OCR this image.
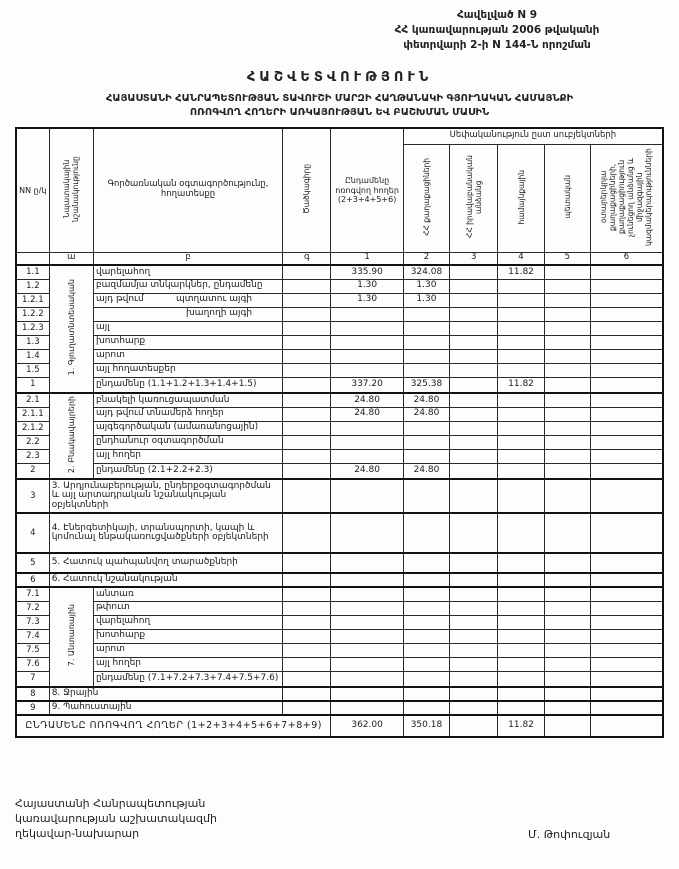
Հավելված N 9
ՀՀ կառավարության 2006 թվականի
փետրվարի 2-ի N 144-Ն որոշման
ՀԱՇՎԵՏՎՈՒԹՅՈՒՆ
ՀԱՅԱՍՏԱՆԻ ՀԱՆՐԱՊԵՏՈՒԹՅԱՆ ՏԱՎՈՒՇԻ ՄԱՐԶԻ ՀԱՂԹԱՆԱԿԻ ԳՅՈՒՂԱԿԱՆ ՀԱՄԱՅՆՔԻ
ՈՌՈԳՎՈՂ ՀՈՂԵՐԻ ԱՌԿԱՅՈՒԹՅԱՆ ԵՎ ԲԱՇԽՄԱՆ ՄԱՍԻՆ
NN ը/կ	Նպատակային նշանակությունը	Գործառնական օգտագործությունը, հողատեսքը	Ծածկագիրը	Ընդամենը ոռոգվող հողեր (2+3+4+5+6)	Սեփականություն ըստ սուբյեկտների				
					ՀՀ քաղաքացիների	ՀՀ իրավաբանական անձանց	համայնքային	պետական	օտարերկրյա քաղաքացիների, քաղաքացիություն չունեցող անձանց և միջազգային կազմակերպությունների
	ա	բ	գ	1	2	3	4	5	6
1.1	1. Գյուղատնտեսական	վարելահող		335.90	324.08		11.82		
1.2		բազմամյա տնկարկներ, ընդամենը		1.30	1.30				
1.2.1		այդ թվում պտղատու այգի		1.30	1.30				
1.2.2		խաղողի այգի							

1.2.3		այլ							
1.3		խոտհարք							
1.4		արոտ							
1.5		այլ հողատեսքեր							
1		ընդամենը (1.1+1.2+1.3+1.4+1.5)		337.20	325.38		11.82		
2.1	2. Բնակավայրերի	բնակելի կառուցապատման		24.80	24.80				
2.1.1		այդ թվում տնամերձ հողեր		24.80	24.80				
2.1.2		այգեգործական (ամառանոցային)							
2.2		ընդհանուր օգտագործման							
2.3		այլ հողեր							
2		ընդամենը (2.1+2.2+2.3)		24.80	24.80				
3	3. Արդյունաբերության, ընդերքօգտագործման և այլ արտադրական նշանակության օբյեկտների								
4	4. Էներգետիկայի, տրանսպորտի, կապի և կոմունալ ենթակառուցվածքների օբյեկտների								
5	5. Հատուկ պահպանվող տարածքների								
6	6. Հատուկ նշանակության								
7.1	7. Անտառային	անտառ							
7.2		թփուտ							
7.3		վարելահող							
7.4		խոտհարք							
7.5		արոտ							
7.6		այլ հողեր							
7		ընդամենը (7.1+7.2+7.3+7.4+7.5+7.6)							
8	8. Ջրային								
9	9. Պահուստային								
ԸՆԴԱՄԵՆԸ ՈՌՈԳՎՈՂ ՀՈՂԵՐ (1+2+3+4+5+6+7+8+9)				362.00	350.18		11.82		
Հայաստանի Հանրապետության
կառավարության աշխատակազմի
ղեկավար-նախարար	Մ. Թոփուզյան
